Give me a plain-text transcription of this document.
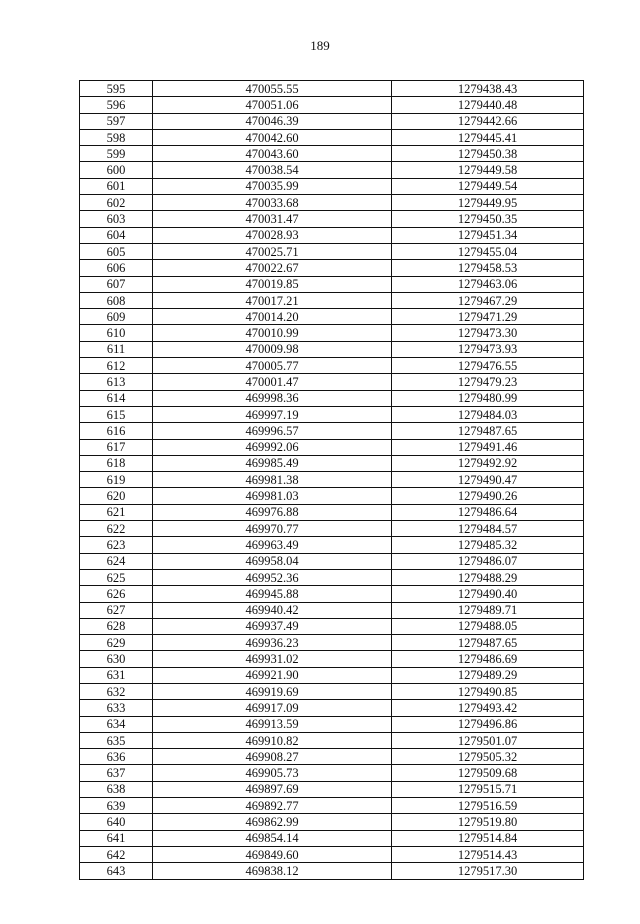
189
595	470055.55	1279438.43
596	470051.06	1279440.48
597	470046.39	1279442.66
598	470042.60	1279445.41
599	470043.60	1279450.38
600	470038.54	1279449.58
601	470035.99	1279449.54
602	470033.68	1279449.95
603	470031.47	1279450.35
604	470028.93	1279451.34
605	470025.71	1279455.04
606	470022.67	1279458.53
607	470019.85	1279463.06
608	470017.21	1279467.29
609	470014.20	1279471.29
610	470010.99	1279473.30
611	470009.98	1279473.93
612	470005.77	1279476.55
613	470001.47	1279479.23
614	469998.36	1279480.99
615	469997.19	1279484.03
616	469996.57	1279487.65
617	469992.06	1279491.46
618	469985.49	1279492.92
619	469981.38	1279490.47
620	469981.03	1279490.26
621	469976.88	1279486.64
622	469970.77	1279484.57
623	469963.49	1279485.32
624	469958.04	1279486.07
625	469952.36	1279488.29
626	469945.88	1279490.40
627	469940.42	1279489.71
628	469937.49	1279488.05
629	469936.23	1279487.65
630	469931.02	1279486.69
631	469921.90	1279489.29
632	469919.69	1279490.85
633	469917.09	1279493.42
634	469913.59	1279496.86
635	469910.82	1279501.07
636	469908.27	1279505.32
637	469905.73	1279509.68
638	469897.69	1279515.71
639	469892.77	1279516.59
640	469862.99	1279519.80
641	469854.14	1279514.84
642	469849.60	1279514.43
643	469838.12	1279517.30
